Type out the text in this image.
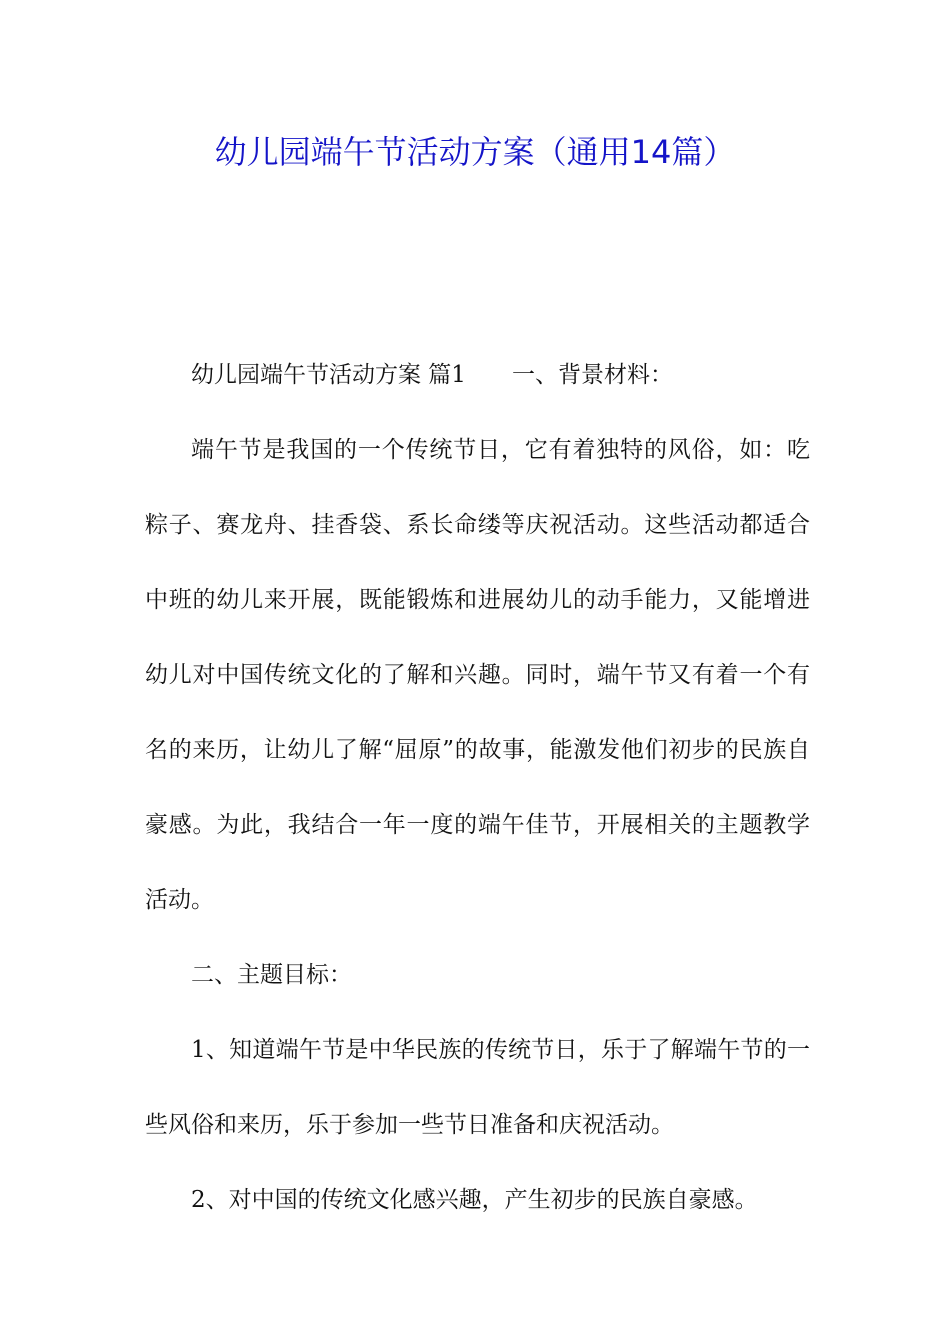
幼儿园端午节活动方案（通用14篇）

幼儿园端午节活动方案 篇1 一、背景材料：

端午节是我国的一个传统节日，它有着独特的风俗，如：吃粽子、赛龙舟、挂香袋、系长命缕等庆祝活动。这些活动都适合中班的幼儿来开展，既能锻炼和进展幼儿的动手能力，又能增进幼儿对中国传统文化的了解和兴趣。同时，端午节又有着一个有名的来历，让幼儿了解“屈原”的故事，能激发他们初步的民族自豪感。为此，我结合一年一度的端午佳节，开展相关的主题教学活动。

二、主题目标：

1、知道端午节是中华民族的传统节日，乐于了解端午节的一些风俗和来历，乐于参加一些节日准备和庆祝活动。

2、对中国的传统文化感兴趣，产生初步的民族自豪感。
